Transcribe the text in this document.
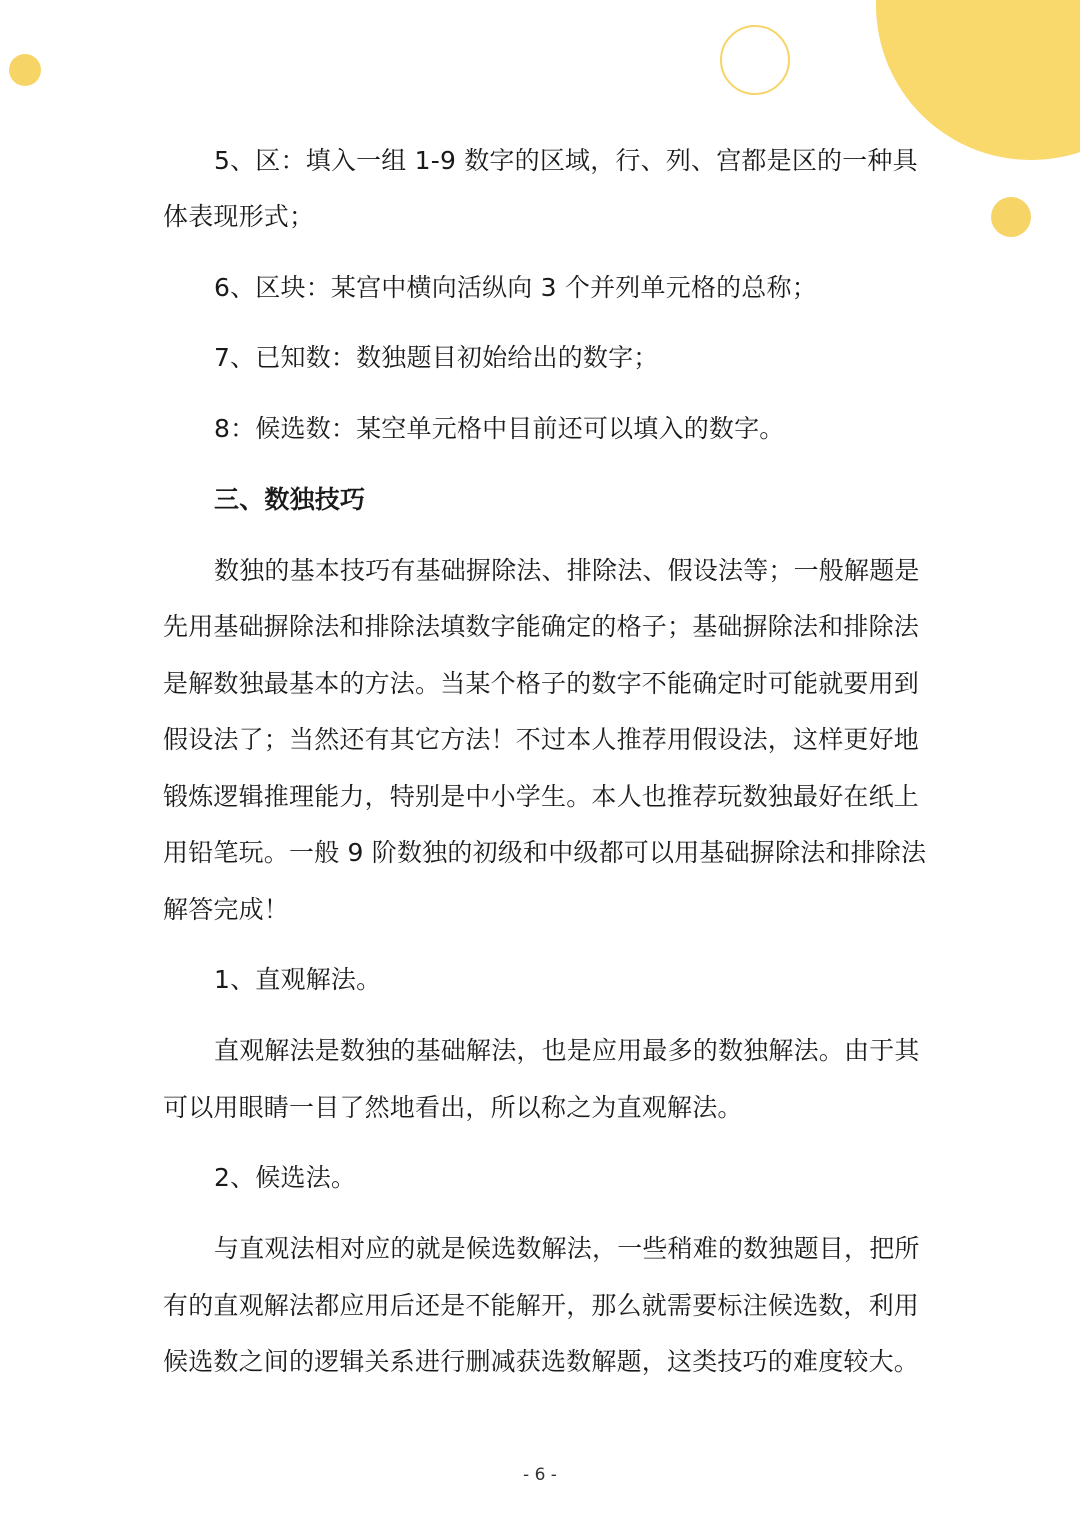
5、区：填入一组 1-9 数字的区域，行、列、宫都是区的一种具
体表现形式；
6、区块：某宫中横向活纵向 3 个并列单元格的总称；
7、已知数：数独题目初始给出的数字；
8：候选数：某空单元格中目前还可以填入的数字。
三、数独技巧
数独的基本技巧有基础摒除法、排除法、假设法等；一般解题是
先用基础摒除法和排除法填数字能确定的格子；基础摒除法和排除法
是解数独最基本的方法。当某个格子的数字不能确定时可能就要用到
假设法了；当然还有其它方法！不过本人推荐用假设法，这样更好地
锻炼逻辑推理能力，特别是中小学生。本人也推荐玩数独最好在纸上
用铅笔玩。一般 9 阶数独的初级和中级都可以用基础摒除法和排除法
解答完成！
1、直观解法。
直观解法是数独的基础解法，也是应用最多的数独解法。由于其
可以用眼睛一目了然地看出，所以称之为直观解法。
2、候选法。
与直观法相对应的就是候选数解法，一些稍难的数独题目，把所
有的直观解法都应用后还是不能解开，那么就需要标注候选数，利用
候选数之间的逻辑关系进行删减获选数解题，这类技巧的难度较大。
- 6 -
